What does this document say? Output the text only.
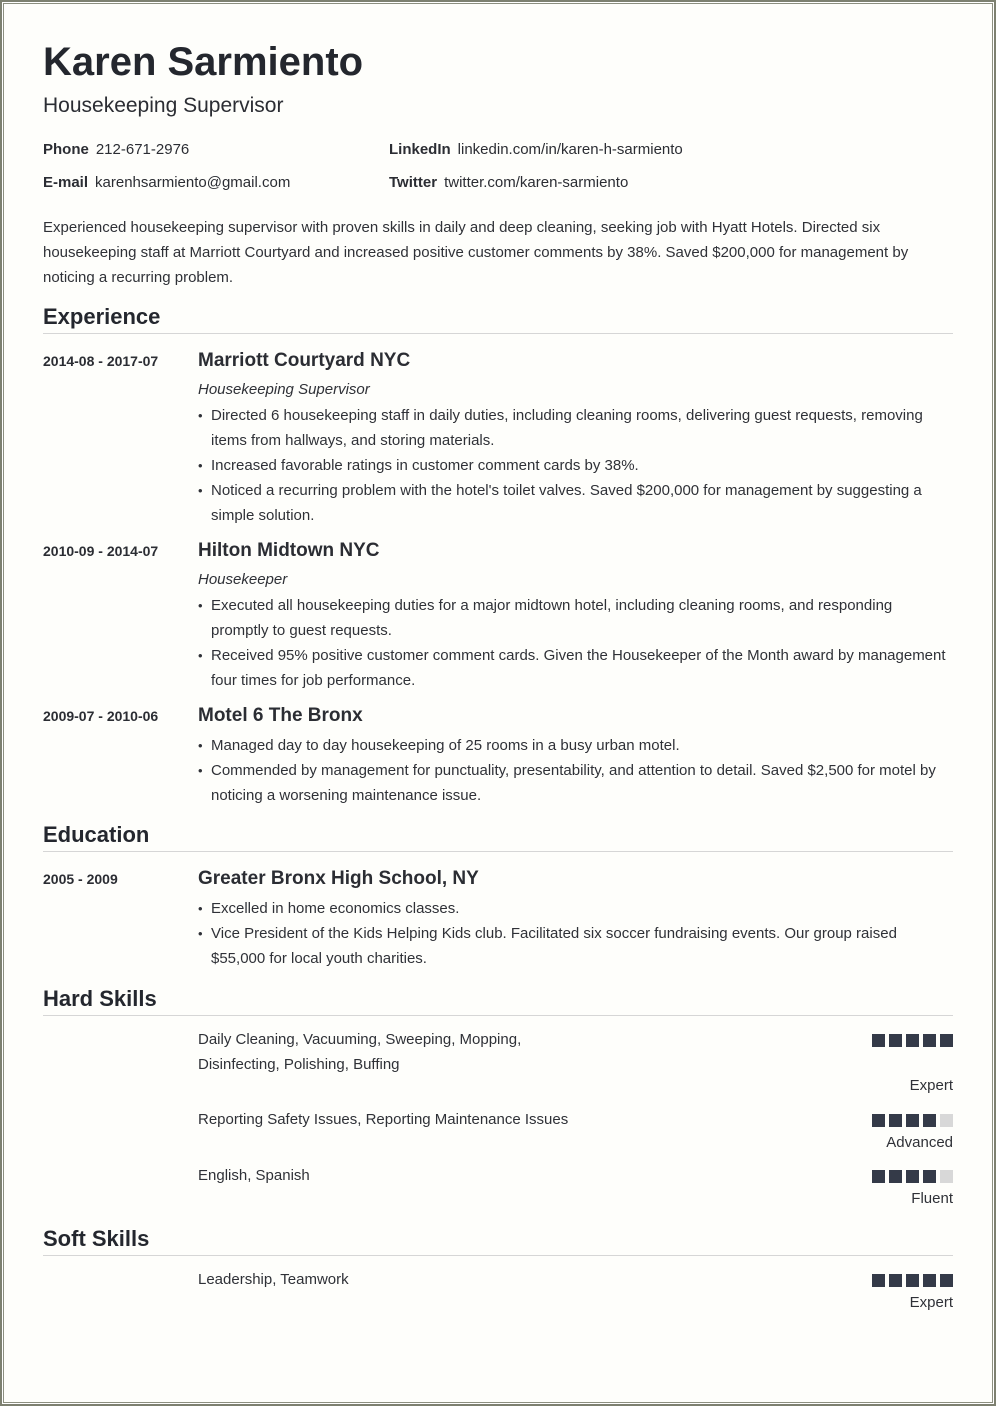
Karen Sarmiento
Housekeeping Supervisor
Phone 212-671-2976
E-mail karenhsarmiento@gmail.com
LinkedIn linkedin.com/in/karen-h-sarmiento
Twitter twitter.com/karen-sarmiento

Experienced housekeeping supervisor with proven skills in daily and deep cleaning, seeking job with Hyatt Hotels. Directed six housekeeping staff at Marriott Courtyard and increased positive customer comments by 38%. Saved $200,000 for management by noticing a recurring problem.

Experience
2014-08 - 2017-07 Marriott Courtyard NYC
Housekeeping Supervisor
• Directed 6 housekeeping staff in daily duties, including cleaning rooms, delivering guest requests, removing items from hallways, and storing materials.
• Increased favorable ratings in customer comment cards by 38%.
• Noticed a recurring problem with the hotel's toilet valves. Saved $200,000 for management by suggesting a simple solution.
2010-09 - 2014-07 Hilton Midtown NYC
Housekeeper
• Executed all housekeeping duties for a major midtown hotel, including cleaning rooms, and responding promptly to guest requests.
• Received 95% positive customer comment cards. Given the Housekeeper of the Month award by management four times for job performance.
2009-07 - 2010-06 Motel 6 The Bronx
• Managed day to day housekeeping of 25 rooms in a busy urban motel.
• Commended by management for punctuality, presentability, and attention to detail. Saved $2,500 for motel by noticing a worsening maintenance issue.
Education
2005 - 2009	Greater Bronx High School, NY
• Excelled in home economics classes.
• Vice President of the Kids Helping Kids club. Facilitated six soccer fundraising events. Our group raised $55,000 for local youth charities.
Hard Skills
Daily Cleaning, Vacuuming, Sweeping, Mopping, Disinfecting, Polishing, Buffing
Expert
Reporting Safety Issues, Reporting Maintenance Issues
Advanced
English, Spanish
Fluent
Soft Skills
Leadership, Teamwork
Expert
